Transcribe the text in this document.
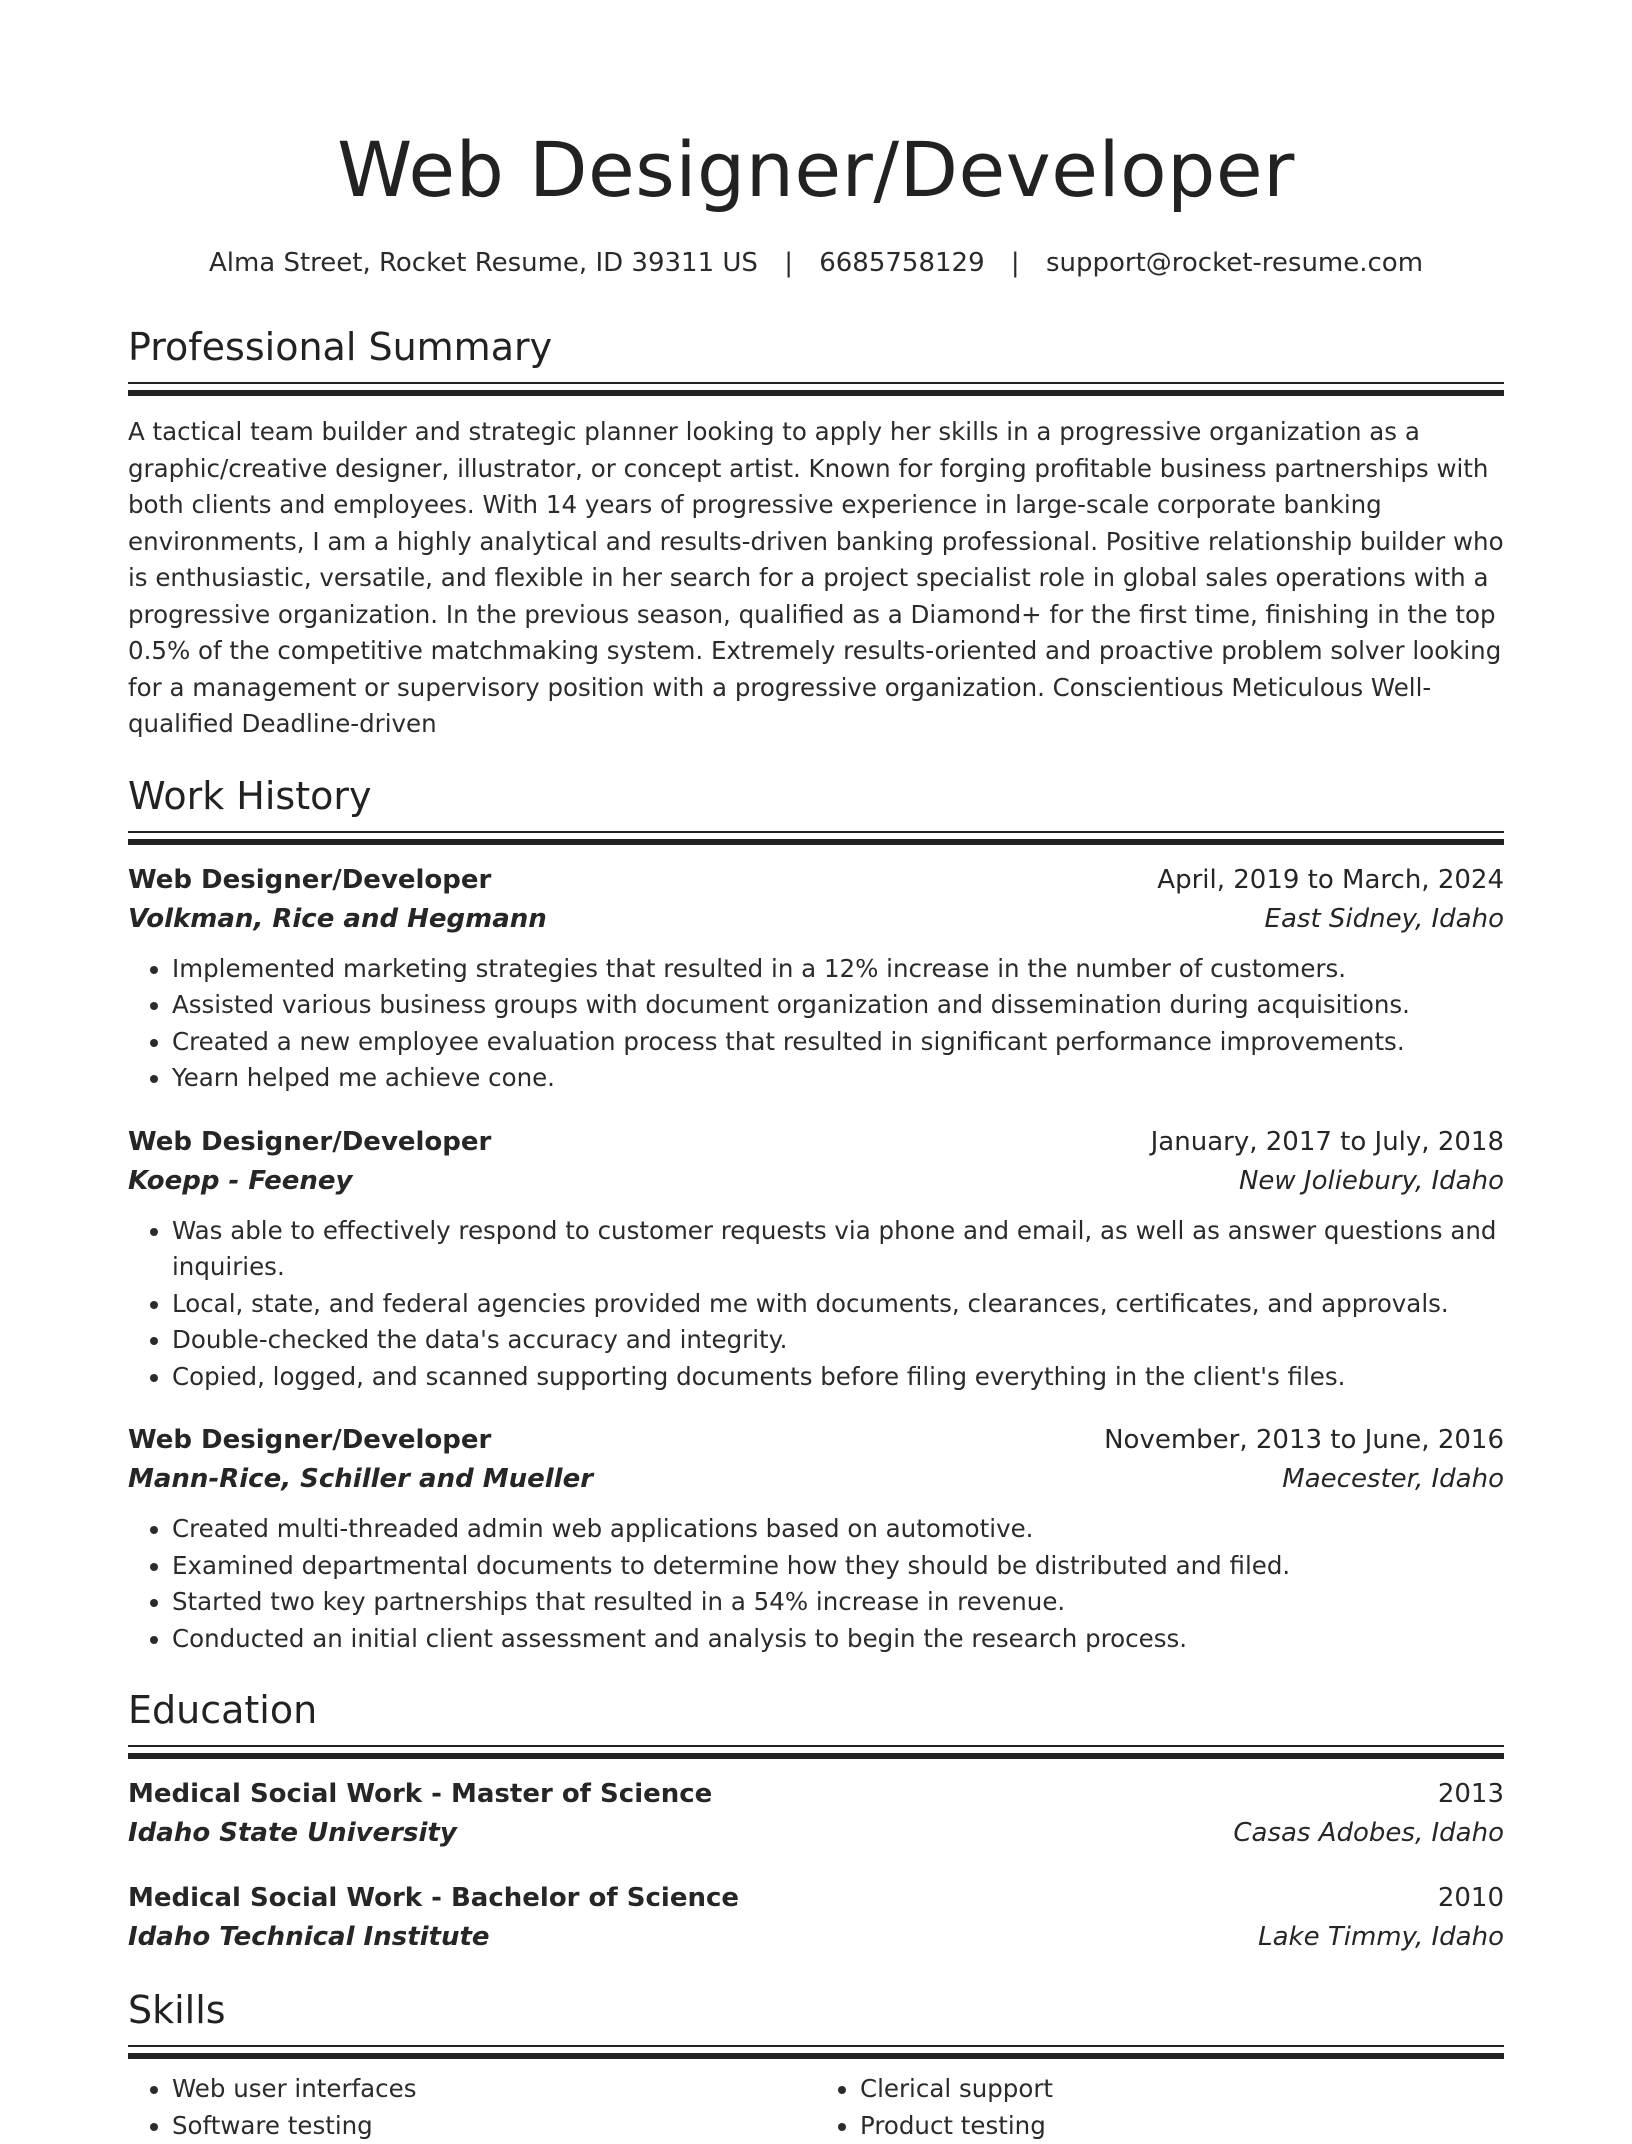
Web Designer/Developer
Alma Street, Rocket Resume, ID 39311 US | 6685758129 | support@rocket-resume.com
Professional Summary
A tactical team builder and strategic planner looking to apply her skills in a progressive organization as a graphic/creative designer, illustrator, or concept artist. Known for forging profitable business partnerships with both clients and employees. With 14 years of progressive experience in large-scale corporate banking environments, I am a highly analytical and results-driven banking professional. Positive relationship builder who is enthusiastic, versatile, and flexible in her search for a project specialist role in global sales operations with a progressive organization. In the previous season, qualified as a Diamond+ for the first time, finishing in the top 0.5% of the competitive matchmaking system. Extremely results-oriented and proactive problem solver looking for a management or supervisory position with a progressive organization. Conscientious Meticulous Well-qualified Deadline-driven
Work History
Web Designer/Developer	April, 2019 to March, 2024
Volkman, Rice and Hegmann	East Sidney, Idaho
• Implemented marketing strategies that resulted in a 12% increase in the number of customers.
• Assisted various business groups with document organization and dissemination during acquisitions.
• Created a new employee evaluation process that resulted in significant performance improvements.
• Yearn helped me achieve cone.
Web Designer/Developer	January, 2017 to July, 2018
Koepp - Feeney	New Joliebury, Idaho
• Was able to effectively respond to customer requests via phone and email, as well as answer questions and inquiries.
• Local, state, and federal agencies provided me with documents, clearances, certificates, and approvals.
• Double-checked the data's accuracy and integrity.
• Copied, logged, and scanned supporting documents before filing everything in the client's files.
Web Designer/Developer	November, 2013 to June, 2016
Mann-Rice, Schiller and Mueller	Maecester, Idaho
• Created multi-threaded admin web applications based on automotive.
• Examined departmental documents to determine how they should be distributed and filed.
• Started two key partnerships that resulted in a 54% increase in revenue.
• Conducted an initial client assessment and analysis to begin the research process.
Education
Medical Social Work - Master of Science	2013
Idaho State University	Casas Adobes, Idaho
Medical Social Work - Bachelor of Science	2010
Idaho Technical Institute	Lake Timmy, Idaho
Skills
• Web user interfaces
• Software testing
• Clerical support
• Product testing
